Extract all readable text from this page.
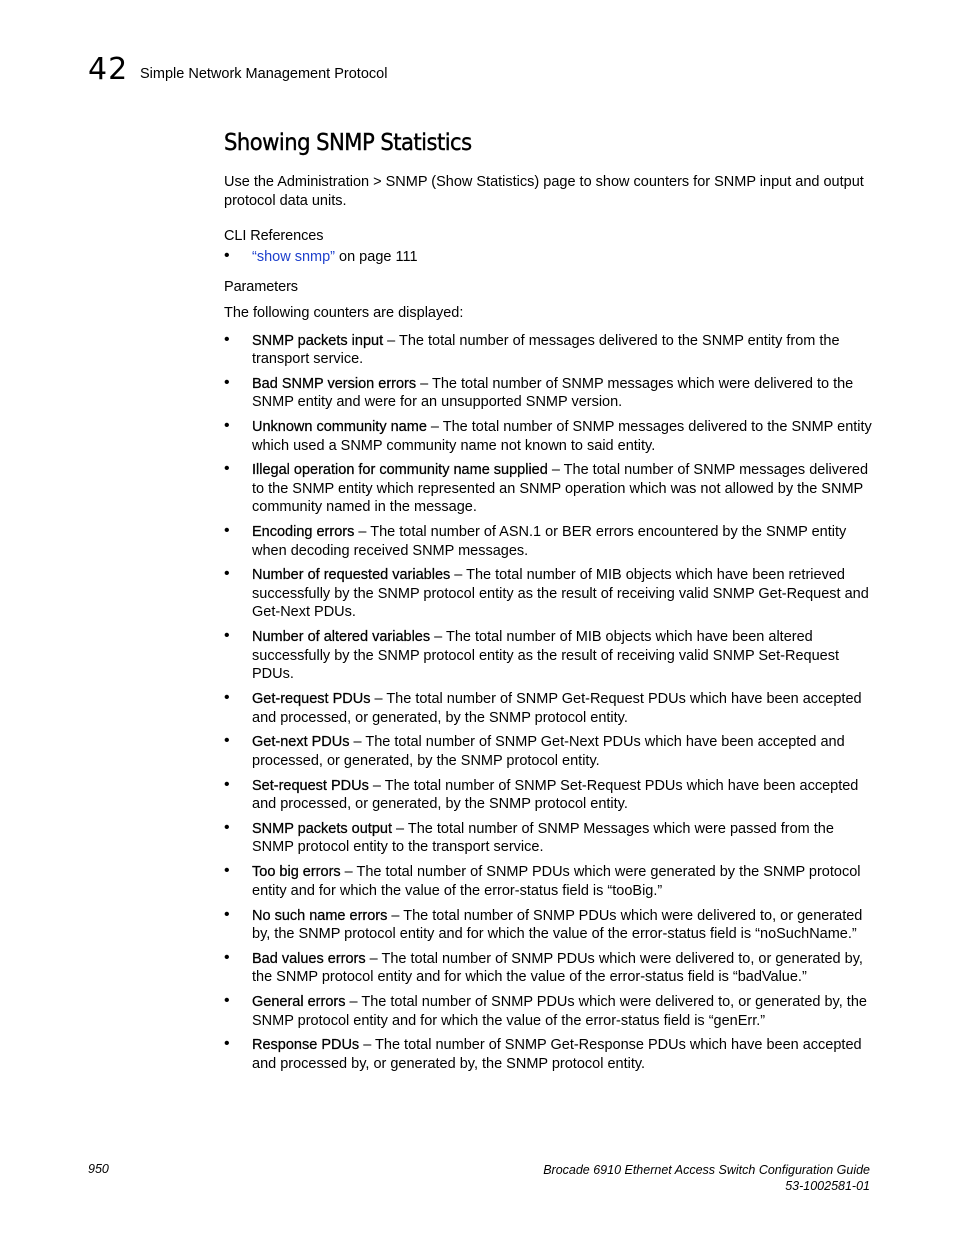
42 Simple Network Management Protocol
Showing SNMP Statistics

Use the Administration > SNMP (Show Statistics) page to show counters for SNMP input and output protocol data units.

CLI References
• “show snmp” on page 111
Parameters

The following counters are displayed:

• SNMP packets input – The total number of messages delivered to the SNMP entity from the transport service.
• Bad SNMP version errors – The total number of SNMP messages which were delivered to the SNMP entity and were for an unsupported SNMP version.
• Unknown community name – The total number of SNMP messages delivered to the SNMP entity which used a SNMP community name not known to said entity.
• Illegal operation for community name supplied – The total number of SNMP messages delivered to the SNMP entity which represented an SNMP operation which was not allowed by the SNMP community named in the message.
• Encoding errors – The total number of ASN.1 or BER errors encountered by the SNMP entity when decoding received SNMP messages.
• Number of requested variables – The total number of MIB objects which have been retrieved successfully by the SNMP protocol entity as the result of receiving valid SNMP Get-Request and Get-Next PDUs.
• Number of altered variables – The total number of MIB objects which have been altered successfully by the SNMP protocol entity as the result of receiving valid SNMP Set-Request PDUs.
• Get-request PDUs – The total number of SNMP Get-Request PDUs which have been accepted and processed, or generated, by the SNMP protocol entity.
• Get-next PDUs – The total number of SNMP Get-Next PDUs which have been accepted and processed, or generated, by the SNMP protocol entity.
• Set-request PDUs – The total number of SNMP Set-Request PDUs which have been accepted and processed, or generated, by the SNMP protocol entity.
• SNMP packets output – The total number of SNMP Messages which were passed from the SNMP protocol entity to the transport service.
• Too big errors – The total number of SNMP PDUs which were generated by the SNMP protocol entity and for which the value of the error-status field is “tooBig.”
• No such name errors – The total number of SNMP PDUs which were delivered to, or generated by, the SNMP protocol entity and for which the value of the error-status field is “noSuchName.”
• Bad values errors – The total number of SNMP PDUs which were delivered to, or generated by, the SNMP protocol entity and for which the value of the error-status field is “badValue.”
• General errors – The total number of SNMP PDUs which were delivered to, or generated by, the SNMP protocol entity and for which the value of the error-status field is “genErr.”
• Response PDUs – The total number of SNMP Get-Response PDUs which have been accepted and processed by, or generated by, the SNMP protocol entity.
950	Brocade 6910 Ethernet Access Switch Configuration Guide
53-1002581-01
